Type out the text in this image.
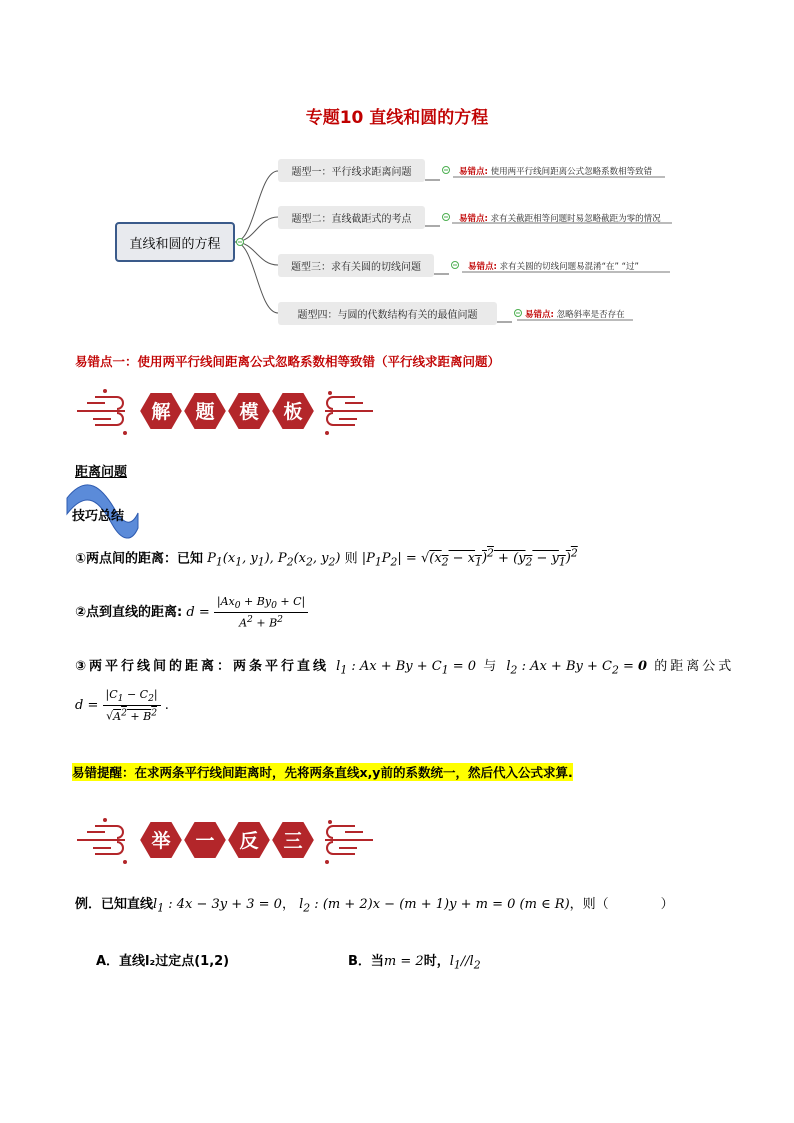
专题10 直线和圆的方程
直线和圆的方程
题型一：平行线求距离问题
题型二：直线截距式的考点
题型三：求有关圆的切线问题
题型四：与圆的代数结构有关的最值问题
易错点: 使用两平行线间距离公式忽略系数相等致错
易错点: 求有关截距相等问题时易忽略截距为零的情况
易错点: 求有关圆的切线问题易混淆“在” “过”
易错点: 忽略斜率是否存在
易错点一：使用两平行线间距离公式忽略系数相等致错（平行线求距离问题）
解 题 模 板
距离问题
技巧总结
①两点间的距离：已知 $P_1(x_1$, $y_1$), $P_2(x_2$, $y_2$) 则 $|P_1P_2| = √(x_2 - x_1)^2 + (y_2 - y_1)^2$
②点到直线的距离: $d = \frac{|Ax_0 + By_0 + C|}{A^2 + B^2}$
③两平行线间的距离：两条平行直线 $l_1$ : $Ax + By + C_1 = 0$ 与 $l_2$ : $Ax + By + C_2 = 0$ 的距离公式
$d = \frac{|C_1 - C_2|}{√A^2 + B^2}$ .
易错提醒：在求两条平行线间距离时，先将两条直线x,y前的系数统一，然后代入公式求算.
举 一 反 三
例．已知直线$l_1$ : 4x − 3y + 3 = 0， $l_2$ : (m + 2)x − (m + 1)y + m = 0 (m ∈ R)，则（　　　　）
A．直线l₂过定点(1,2)	B．当m = 2时，$l_1//l_2$
